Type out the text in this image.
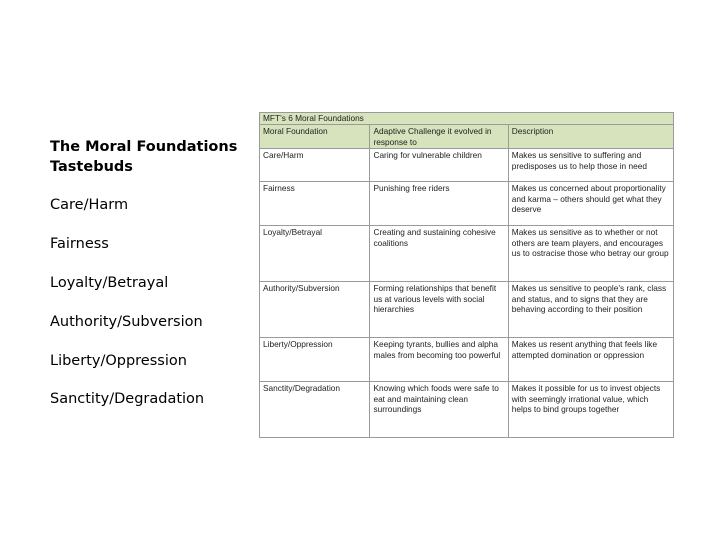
The Moral Foundations
Tastebuds

Care/Harm
Fairness
Loyalty/Betrayal
Authority/Subversion
Liberty/Oppression
Sanctity/Degradation
MFT’s 6 Moral Foundations		
Moral Foundation	Adaptive Challenge it evolved in response to	Description
Care/Harm	Caring for vulnerable children	Makes us sensitive to suffering and predisposes us to help those in need
Fairness	Punishing free riders	Makes us concerned about proportionality and karma – others should get what they deserve
Loyalty/Betrayal	Creating and sustaining cohesive coalitions	Makes us sensitive as to whether or not others are team players, and encourages us to ostracise those who betray our group
Authority/Subversion	Forming relationships that benefit us at various levels with social hierarchies	Makes us sensitive to people’s rank, class and status, and to signs that they are behaving according to their position
Liberty/Oppression	Keeping tyrants, bullies and alpha males from becoming too powerful	Makes us resent anything that feels like attempted domination or oppression
Sanctity/Degradation	Knowing which foods were safe to eat and maintaining clean surroundings	Makes it possible for us to invest objects with seemingly irrational value, which helps to bind groups together
